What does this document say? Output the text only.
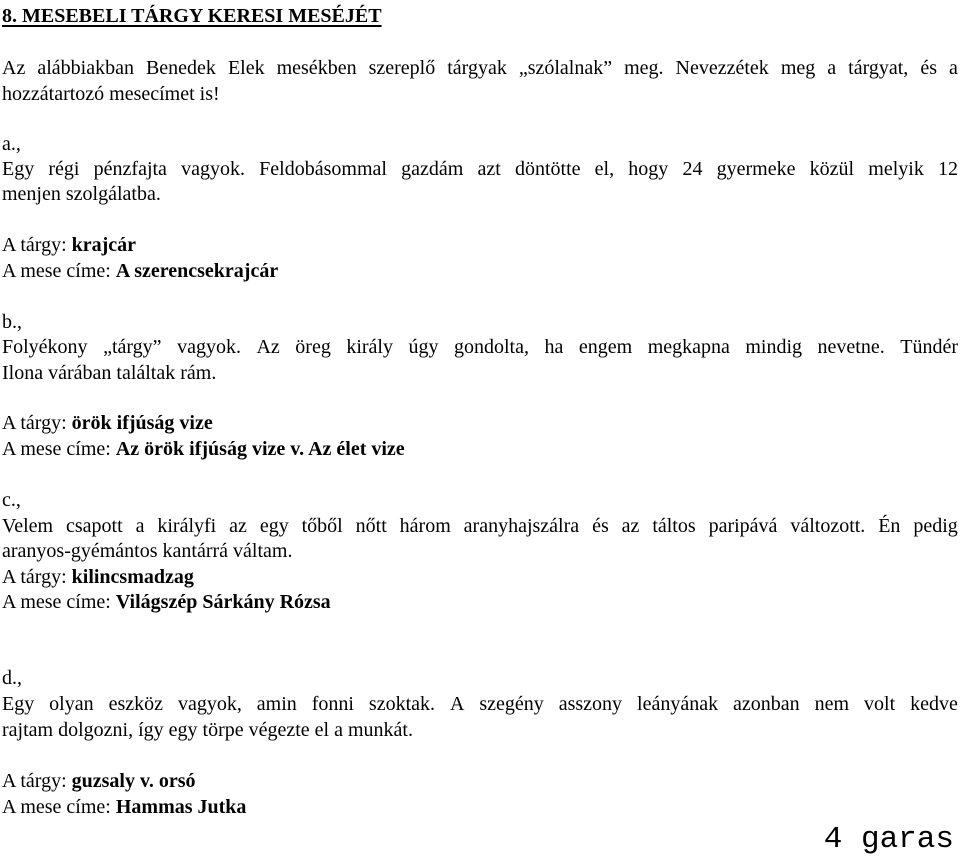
8. MESEBELI TÁRGY KERESI MESÉJÉT
Az alábbiakban Benedek Elek mesékben szereplő tárgyak „szólalnak” meg. Nevezzétek meg a tárgyat, és a
hozzátartozó mesecímet is!
a.,
Egy régi pénzfajta vagyok. Feldobásommal gazdám azt döntötte el, hogy 24 gyermeke közül melyik 12
menjen szolgálatba.
A tárgy: krajcár
A mese címe: A szerencsekrajcár
b.,
Folyékony „tárgy” vagyok. Az öreg király úgy gondolta, ha engem megkapna mindig nevetne. Tündér
Ilona várában találtak rám.
A tárgy: örök ifjúság vize
A mese címe: Az örök ifjúság vize v. Az élet vize
c.,
Velem csapott a királyfi az egy tőből nőtt három aranyhajszálra és az táltos paripává változott. Én pedig
aranyos-gyémántos kantárrá váltam.
A tárgy: kilincsmadzag
A mese címe: Világszép Sárkány Rózsa
d.,
Egy olyan eszköz vagyok, amin fonni szoktak. A szegény asszony leányának azonban nem volt kedve
rajtam dolgozni, így egy törpe végezte el a munkát.
A tárgy: guzsaly v. orsó
A mese címe: Hammas Jutka
4 garas
